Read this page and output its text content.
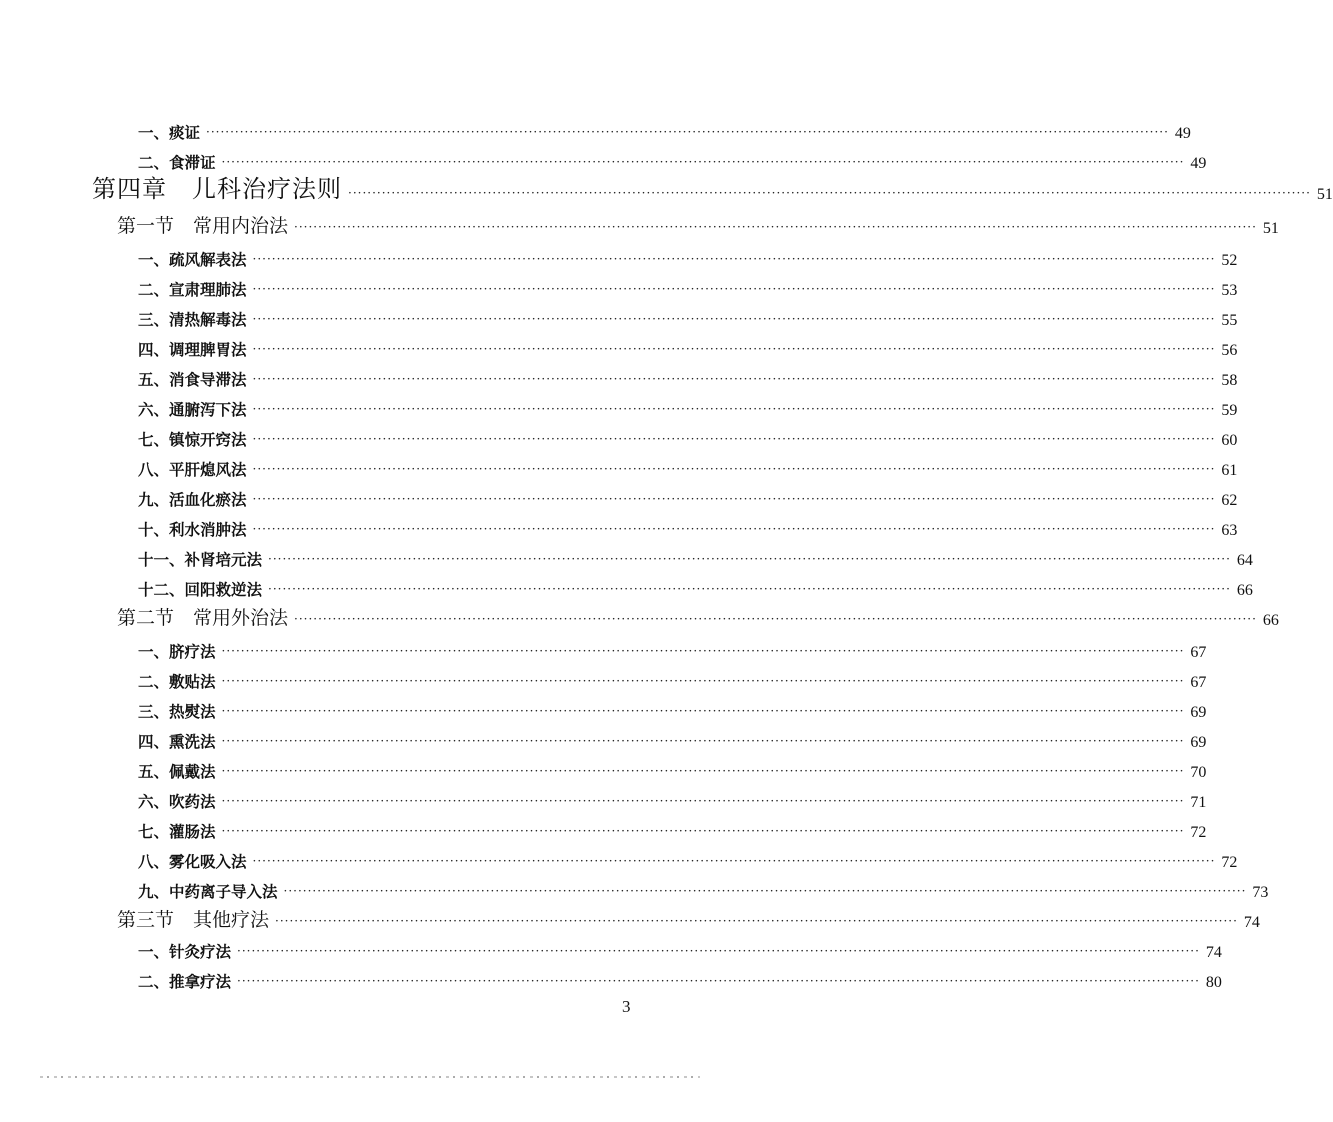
一、痰证 ········································································································································································································ 49
二、食滞证 ········································································································································································································ 49
第四章　儿科治疗法则 ········································································································································································································ 51
第一节　常用内治法 ········································································································································································································ 51
一、疏风解表法 ········································································································································································································ 52
二、宣肃理肺法 ········································································································································································································ 53
三、清热解毒法 ········································································································································································································ 55
四、调理脾胃法 ········································································································································································································ 56
五、消食导滞法 ········································································································································································································ 58
六、通腑泻下法 ········································································································································································································ 59
七、镇惊开窍法 ········································································································································································································ 60
八、平肝熄风法 ········································································································································································································ 61
九、活血化瘀法 ········································································································································································································ 62
十、利水消肿法 ········································································································································································································ 63
十一、补肾培元法 ········································································································································································································ 64
十二、回阳救逆法 ········································································································································································································ 66
第二节　常用外治法 ········································································································································································································ 66
一、脐疗法 ········································································································································································································ 67
二、敷贴法 ········································································································································································································ 67
三、热熨法 ········································································································································································································ 69
四、熏洗法 ········································································································································································································ 69
五、佩戴法 ········································································································································································································ 70
六、吹药法 ········································································································································································································ 71
七、灌肠法 ········································································································································································································ 72
八、雾化吸入法 ········································································································································································································ 72
九、中药离子导入法 ········································································································································································································ 73
第三节　其他疗法 ········································································································································································································ 74
一、针灸疗法 ········································································································································································································ 74
二、推拿疗法 ········································································································································································································ 80
3
